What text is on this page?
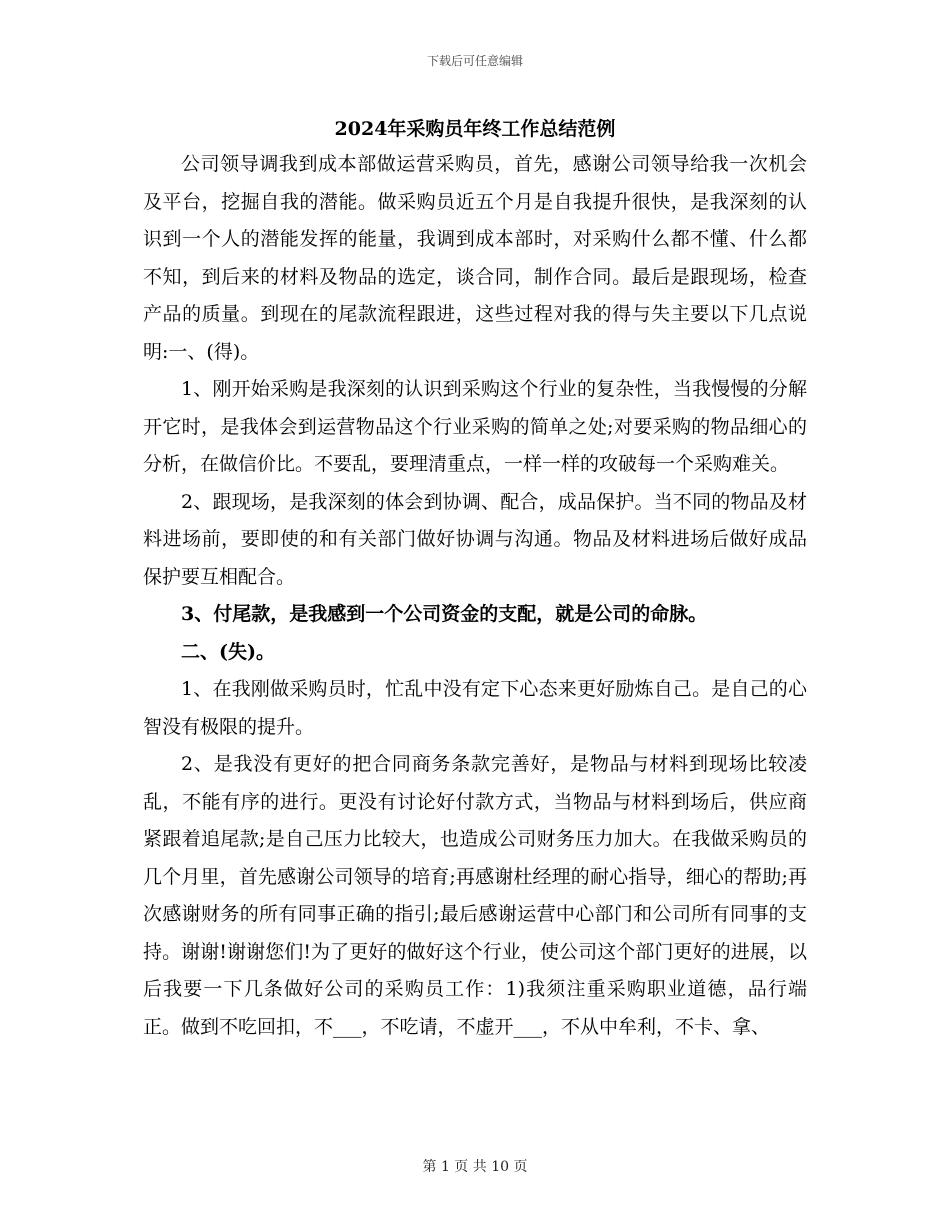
下载后可任意编辑
2024年采购员年终工作总结范例

公司领导调我到成本部做运营采购员，首先，感谢公司领导给我一次机会及平台，挖掘自我的潜能。做采购员近五个月是自我提升很快，是我深刻的认识到一个人的潜能发挥的能量，我调到成本部时，对采购什么都不懂、什么都不知，到后来的材料及物品的选定，谈合同，制作合同。最后是跟现场，检查产品的质量。到现在的尾款流程跟进，这些过程对我的得与失主要以下几点说明:一、(得)。

1、刚开始采购是我深刻的认识到采购这个行业的复杂性，当我慢慢的分解开它时，是我体会到运营物品这个行业采购的简单之处;对要采购的物品细心的分析，在做信价比。不要乱，要理清重点，一样一样的攻破每一个采购难关。

2、跟现场，是我深刻的体会到协调、配合，成品保护。当不同的物品及材料进场前，要即使的和有关部门做好协调与沟通。物品及材料进场后做好成品保护要互相配合。

3、付尾款，是我感到一个公司资金的支配，就是公司的命脉。

二、(失)。

1、在我刚做采购员时，忙乱中没有定下心态来更好励炼自己。是自己的心智没有极限的提升。

2、是我没有更好的把合同商务条款完善好，是物品与材料到现场比较凌乱，不能有序的进行。更没有讨论好付款方式，当物品与材料到场后，供应商紧跟着追尾款;是自己压力比较大，也造成公司财务压力加大。在我做采购员的几个月里，首先感谢公司领导的培育;再感谢杜经理的耐心指导，细心的帮助;再次感谢财务的所有同事正确的指引;最后感谢运营中心部门和公司所有同事的支持。谢谢!谢谢您们!为了更好的做好这个行业，使公司这个部门更好的进展，以后我要一下几条做好公司的采购员工作：1)我须注重采购职业道德，品行端正。做到不吃回扣，不___，不吃请，不虚开___，不从中牟利，不卡、拿、

第 1 页 共 10 页
